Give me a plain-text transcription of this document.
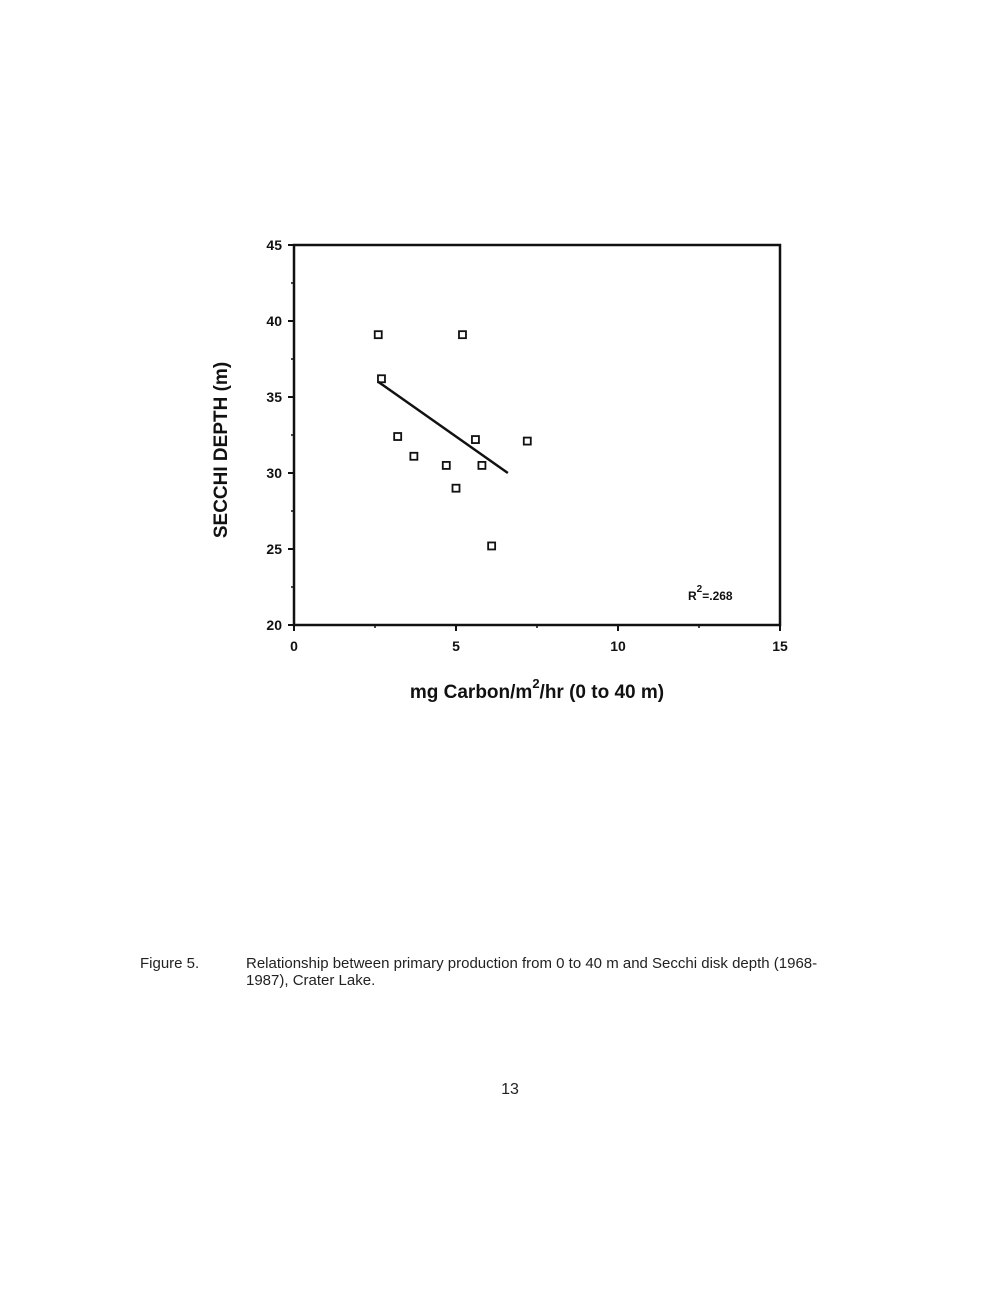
20
25
30
35
40
45
0	5	10	15
$R^2=.268$
SECCHI DEPTH (m)
mg Carbon/$m^2/hr$ (0 to 40 m)
Figure 5.	Relationship between primary production from 0 to 40 m and Secchi disk depth (1968-1987), Crater Lake.
13
